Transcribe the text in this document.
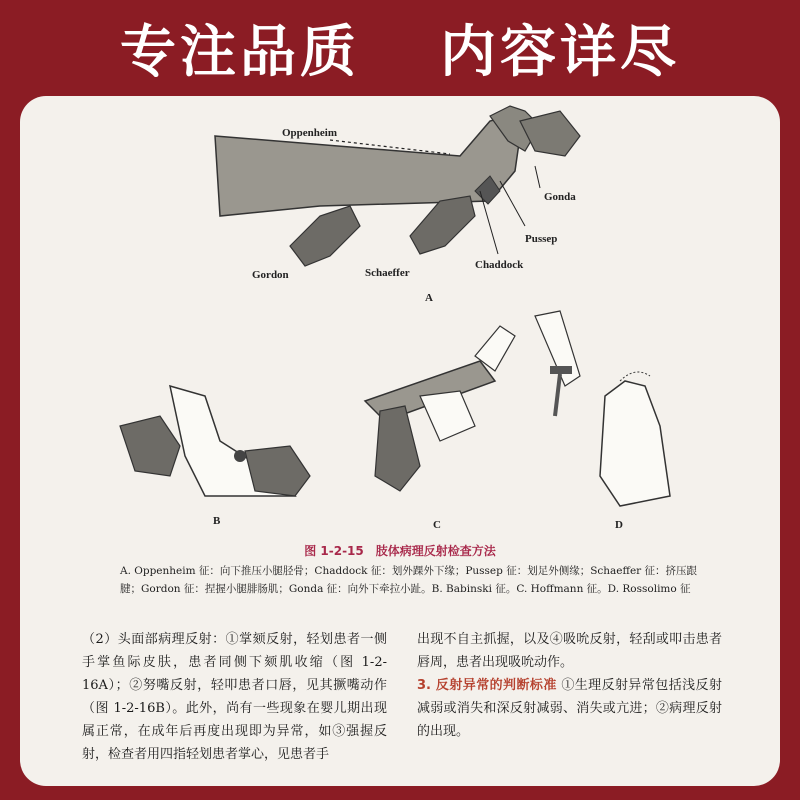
专注品质 内容详尽
Oppenheim
Gonda
Pussep
Chaddock
Schaeffer
Gordon
A
B	C	D
图 1-2-15　肢体病理反射检查方法
A. Oppenheim 征：向下推压小腿胫骨；Chaddock 征：划外踝外下缘；Pussep 征：划足外侧缘；Schaeffer 征：挤压跟腱；Gordon 征：捏握小腿腓肠肌；Gonda 征：向外下牵拉小趾。B. Babinski 征。C. Hoffmann 征。D. Rossolimo 征
（2）头面部病理反射：①掌颏反射，轻划患者一侧手掌鱼际皮肤，患者同侧下颏肌收缩（图 1-2-16A）；②努嘴反射，轻叩患者口唇，见其撅嘴动作（图 1-2-16B）。此外，尚有一些现象在婴儿期出现属正常，在成年后再度出现即为异常，如③强握反射，检查者用四指轻划患者掌心，见患者手
出现不自主抓握，以及④吸吮反射，轻刮或叩击患者唇周，患者出现吸吮动作。
3. 反射异常的判断标准 ①生理反射异常包括浅反射减弱或消失和深反射减弱、消失或亢进；②病理反射的出现。
